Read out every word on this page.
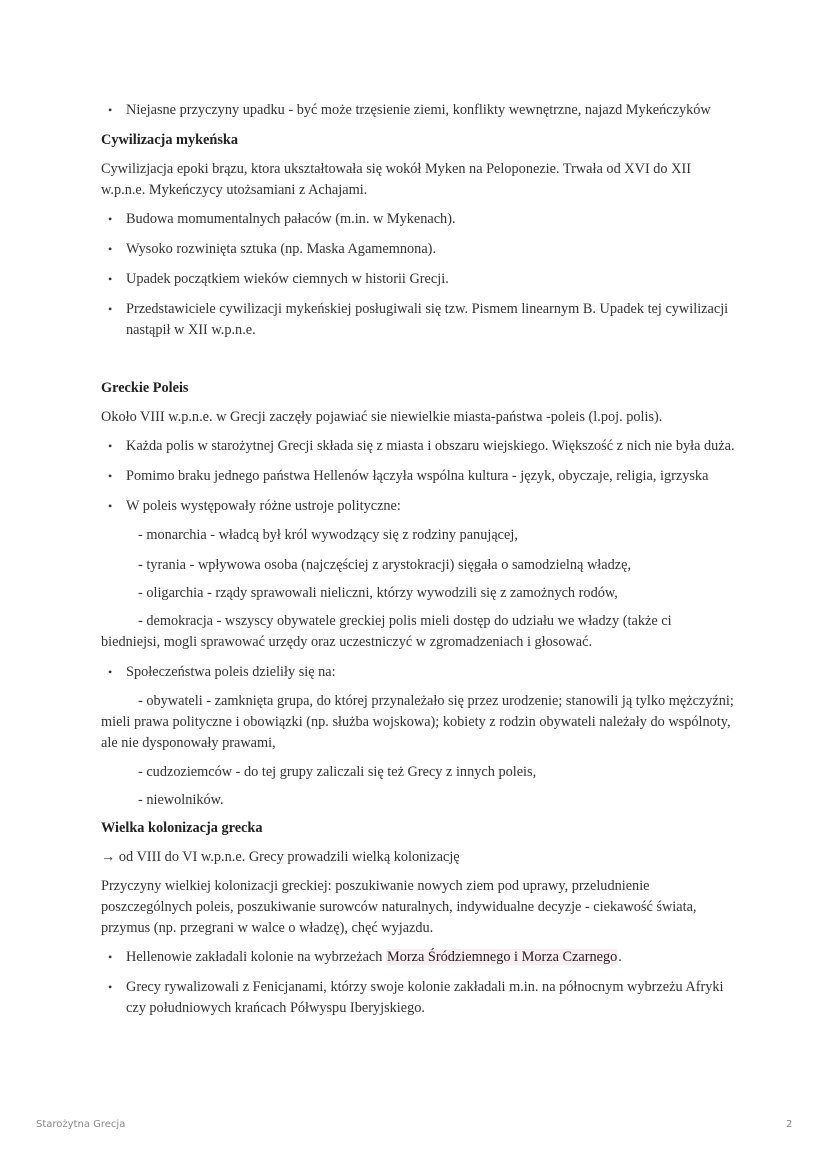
• Niejasne przyczyny upadku - być może trzęsienie ziemi, konflikty wewnętrzne, najazd Mykeńczyków
Cywilizacja mykeńska
Cywilizjacja epoki brązu, ktora ukształtowała się wokół Myken na Peloponezie. Trwała od XVI do XII
w.p.n.e. Mykeńczycy utożsamiani z Achajami.
• Budowa momumentalnych pałaców (m.in. w Mykenach).
• Wysoko rozwinięta sztuka (np. Maska Agamemnona).
• Upadek początkiem wieków ciemnych w historii Grecji.
• Przedstawiciele cywilizacji mykeńskiej posługiwali się tzw. Pismem linearnym B. Upadek tej cywilizacji
nastąpił w XII w.p.n.e.
Greckie Poleis
Około VIII w.p.n.e. w Grecji zaczęły pojawiać sie niewielkie miasta-państwa -poleis (l.poj. polis).
• Każda polis w starożytnej Grecji składa się z miasta i obszaru wiejskiego. Większość z nich nie była duża.
• Pomimo braku jednego państwa Hellenów łączyła wspólna kultura - język, obyczaje, religia, igrzyska
• W poleis występowały różne ustroje polityczne:
- monarchia - władcą był król wywodzący się z rodziny panującej,
- tyrania - wpływowa osoba (najczęściej z arystokracji) sięgała o samodzielną władzę,
- oligarchia - rządy sprawowali nieliczni, którzy wywodzili się z zamożnych rodów,
- demokracja - wszyscy obywatele greckiej polis mieli dostęp do udziału we władzy (także ci
biedniejsi, mogli sprawować urzędy oraz uczestniczyć w zgromadzeniach i głosować.
• Społeczeństwa poleis dzieliły się na:
- obywateli - zamknięta grupa, do której przynależało się przez urodzenie; stanowili ją tylko mężczyźni;
mieli prawa polityczne i obowiązki (np. służba wojskowa); kobiety z rodzin obywateli należały do wspólnoty,
ale nie dysponowały prawami,
- cudzoziemców - do tej grupy zaliczali się też Grecy z innych poleis,
- niewolników.
Wielka kolonizacja grecka
→ od VIII do VI w.p.n.e. Grecy prowadzili wielką kolonizację
Przyczyny wielkiej kolonizacji greckiej: poszukiwanie nowych ziem pod uprawy, przeludnienie
poszczególnych poleis, poszukiwanie surowców naturalnych, indywidualne decyzje - ciekawość świata,
przymus (np. przegrani w walce o władzę), chęć wyjazdu.
• Hellenowie zakładali kolonie na wybrzeżach Morza Śródziemnego i Morza Czarnego.
• Grecy rywalizowali z Fenicjanami, którzy swoje kolonie zakładali m.in. na północnym wybrzeżu Afryki
czy południowych krańcach Półwyspu Iberyjskiego.
Starożytna Grecja	2
